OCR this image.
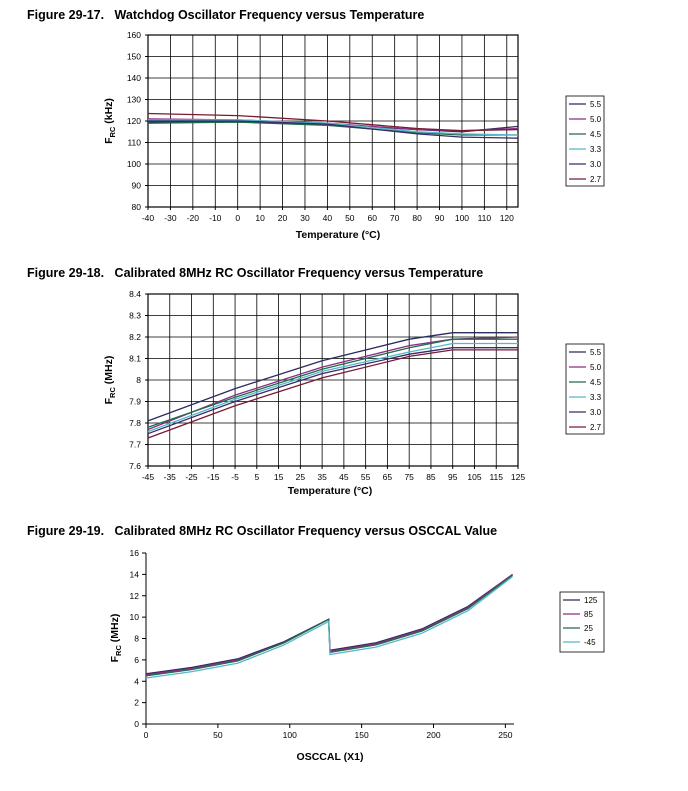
Figure 29-17. Watchdog Oscillator Frequency versus Temperature
-40 -30 -20 -10 0 10 20 30 40 50 60 70 80 90 100 110 120
80
90
100
110
120
130
140
150
160
Temperature (°C)
$F_{RC}$ (kHz)	5.5
5.0
4.5
3.3
3.0
2.7
Figure 29-18. Calibrated 8MHz RC Oscillator Frequency versus Temperature
-45 -35 -25 -15 -5 5 15 25 35 45 55 65 75 85 95 105 115 125
7.6
7.7
7.8
7.9
8
8.1
8.2
8.3
8.4
Temperature (°C)
$F_{RC}$ (MHz)
5.5
5.0
4.5
3.3
3.0
2.7
Figure 29-19. Calibrated 8MHz RC Oscillator Frequency versus OSCCAL Value
0	50	100	150	200	250
0
2
4
6
8
10
12
14
16
OSCCAL (X1)
$F_{RC}$ (MHz)
125
85
25
-45
